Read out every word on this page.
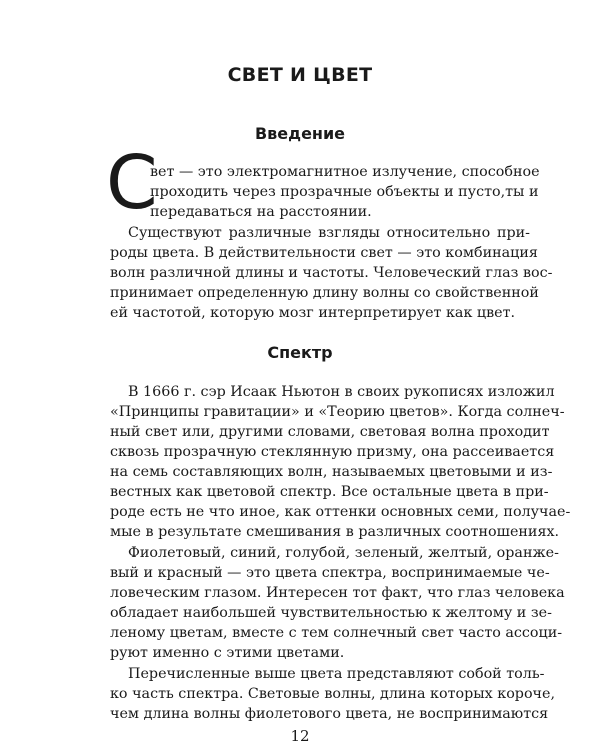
СВЕТ И ЦВЕТ
Введение
С
вет — это электромагнитное излучение, способное
проходить через прозрачные объекты и пусто,ты и
передаваться на расстоянии.
Существуют различные взгляды относительно при-
роды цвета. В действительности свет — это комбинация
волн различной длины и частоты. Человеческий глаз вос-
принимает определенную длину волны со свойственной
ей частотой, которую мозг интерпретирует как цвет.
Спектр
В 1666 г. сэр Исаак Ньютон в своих рукописях изложил
«Принципы гравитации» и «Теорию цветов». Когда солнеч-
ный свет или, другими словами, световая волна проходит
сквозь прозрачную стеклянную призму, она рассеивается
на семь составляющих волн, называемых цветовыми и из-
вестных как цветовой спектр. Все остальные цвета в при-
роде есть не что иное, как оттенки основных семи, получае-
мые в результате смешивания в различных соотношениях.
Фиолетовый, синий, голубой, зеленый, желтый, оранже-
вый и красный — это цвета спектра, воспринимаемые че-
ловеческим глазом. Интересен тот факт, что глаз человека
обладает наибольшей чувствительностью к желтому и зе-
леному цветам, вместе с тем солнечный свет часто ассоци-
руют именно с этими цветами.
Перечисленные выше цвета представляют собой толь-
ко часть спектра. Световые волны, длина которых короче,
чем длина волны фиолетового цвета, не воспринимаются
12
